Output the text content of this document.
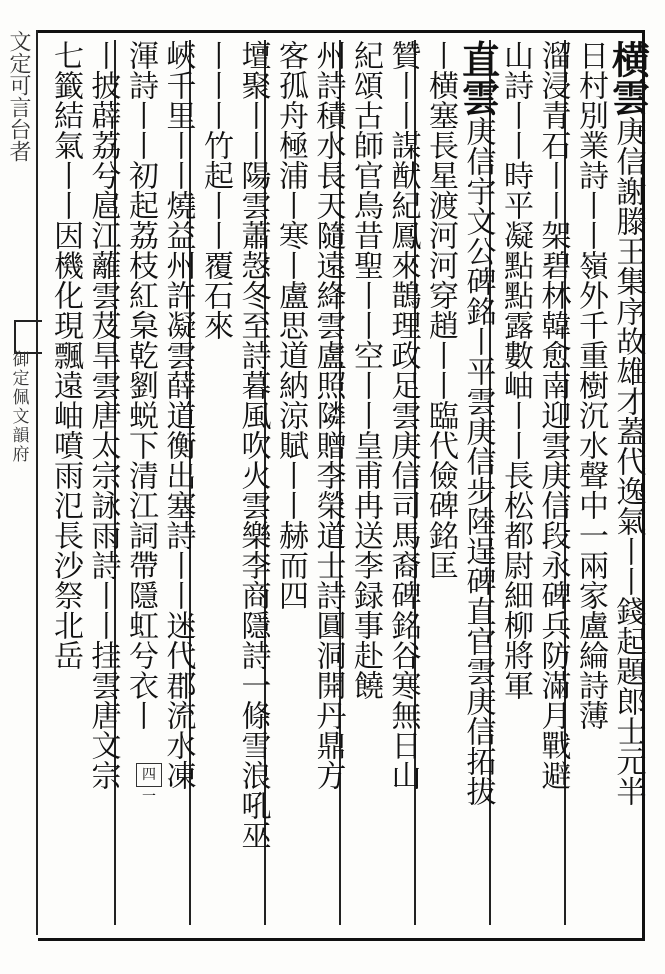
文定可言台者
御定佩文韻府
横雲庚信謝滕王集序故雄才蓋代逸氣丨丨錢起題郎士元半
日村別業詩丨丨嶺外千重樹沉水聲中一兩家盧綸詩薄
溜浸青石丨丨架碧林韓愈南迎雲庚信段永碑兵防滿月戰避
山詩丨丨時平凝點點露數岫丨丨長松都尉細柳將軍
直雲庚信宇文公碑銘丨平雲庚信步陸逞碑直官雲庚信拓拔
丨横塞長星渡河河穿趙丨丨臨代儉碑銘匡
贊丨丨謀猷紀鳳來鵲理政足雲庚信司馬裔碑銘谷寒無日山
紀頌古師官鳥昔聖丨丨空丨丨皇甫冉送李録事赴饒
州詩積水長天隨遠絳雲盧照隣贈李榮道士詩圓洞開丹鼎方
客孤舟極浦丨寒丨盧思道納涼賦丨丨赫而四
壇聚丨丨陽雲蕭愨冬至詩暮風吹火雲樂李商隱詩一條雪浪吼巫
丨丨丨竹起丨丨覆石來
峽千里丨丨燒益州許凝雲薛道衡出塞詩丨丨迷代郡流水凍
渾詩丨丨初起荔枝紅枲乾劉蜕下清江詞帶隱虹兮衣丨
丨披薜荔兮扈江蘺雲芨旱雲唐太宗詠雨詩丨丨挂雲唐文宗
七籤結氣丨丨因機化現飄遠岫噴雨氾長沙祭北岳
四一
